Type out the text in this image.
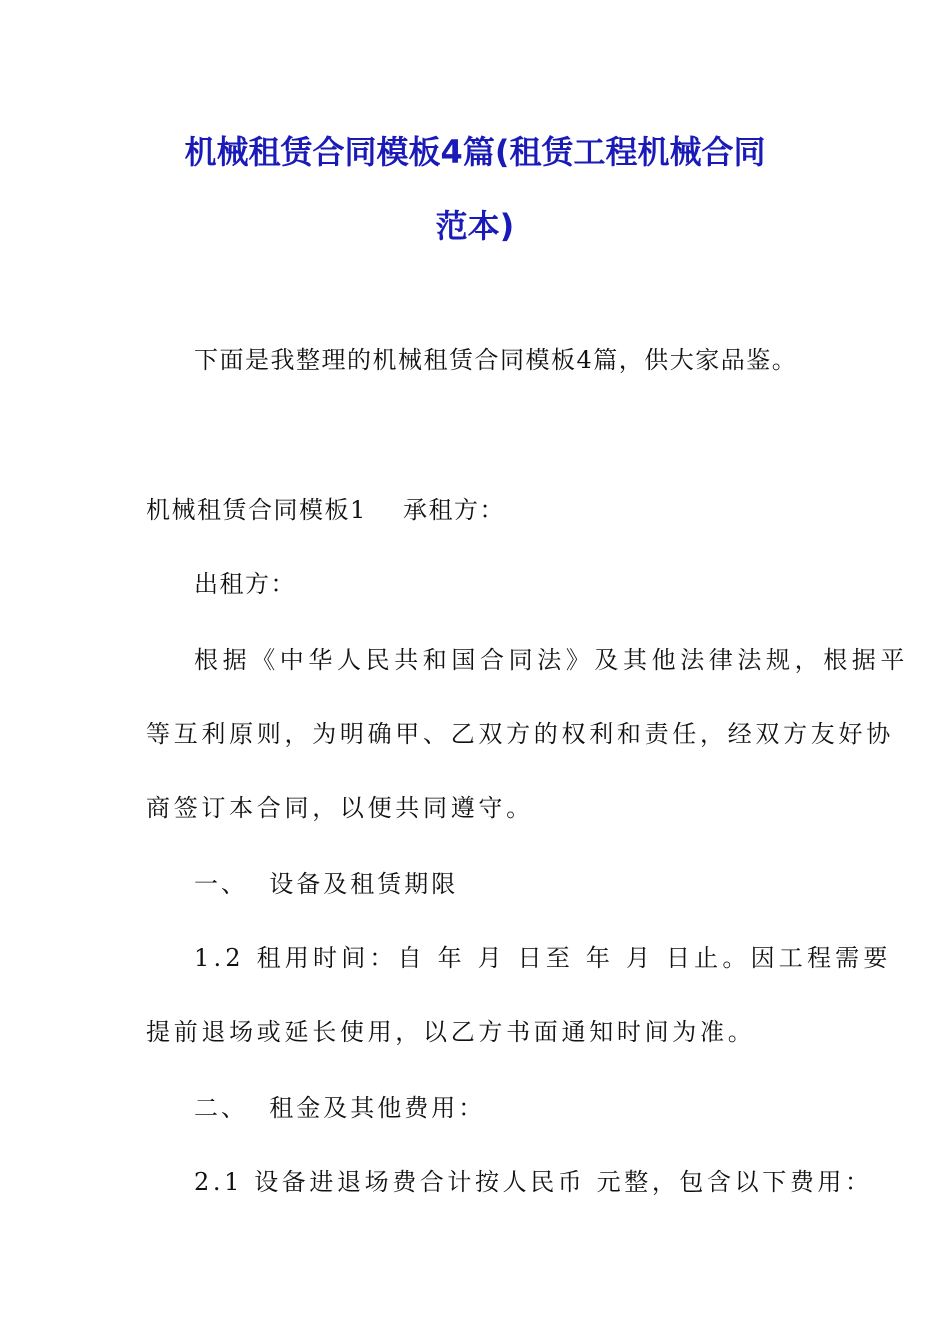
机械租赁合同模板4篇(租赁工程机械合同
范本)
下面是我整理的机械租赁合同模板4篇，供大家品鉴。
机械租赁合同模板1 承租方：
出租方：
根据《中华人民共和国合同法》及其他法律法规，根据平
等互利原则，为明确甲、乙双方的权利和责任，经双方友好协
商签订本合同，以便共同遵守。
一、  设备及租赁期限
1.2 租用时间：自 年 月 日至 年 月 日止。因工程需要
提前退场或延长使用，以乙方书面通知时间为准。
二、  租金及其他费用：
2.1 设备进退场费合计按人民币 元整，包含以下费用：
